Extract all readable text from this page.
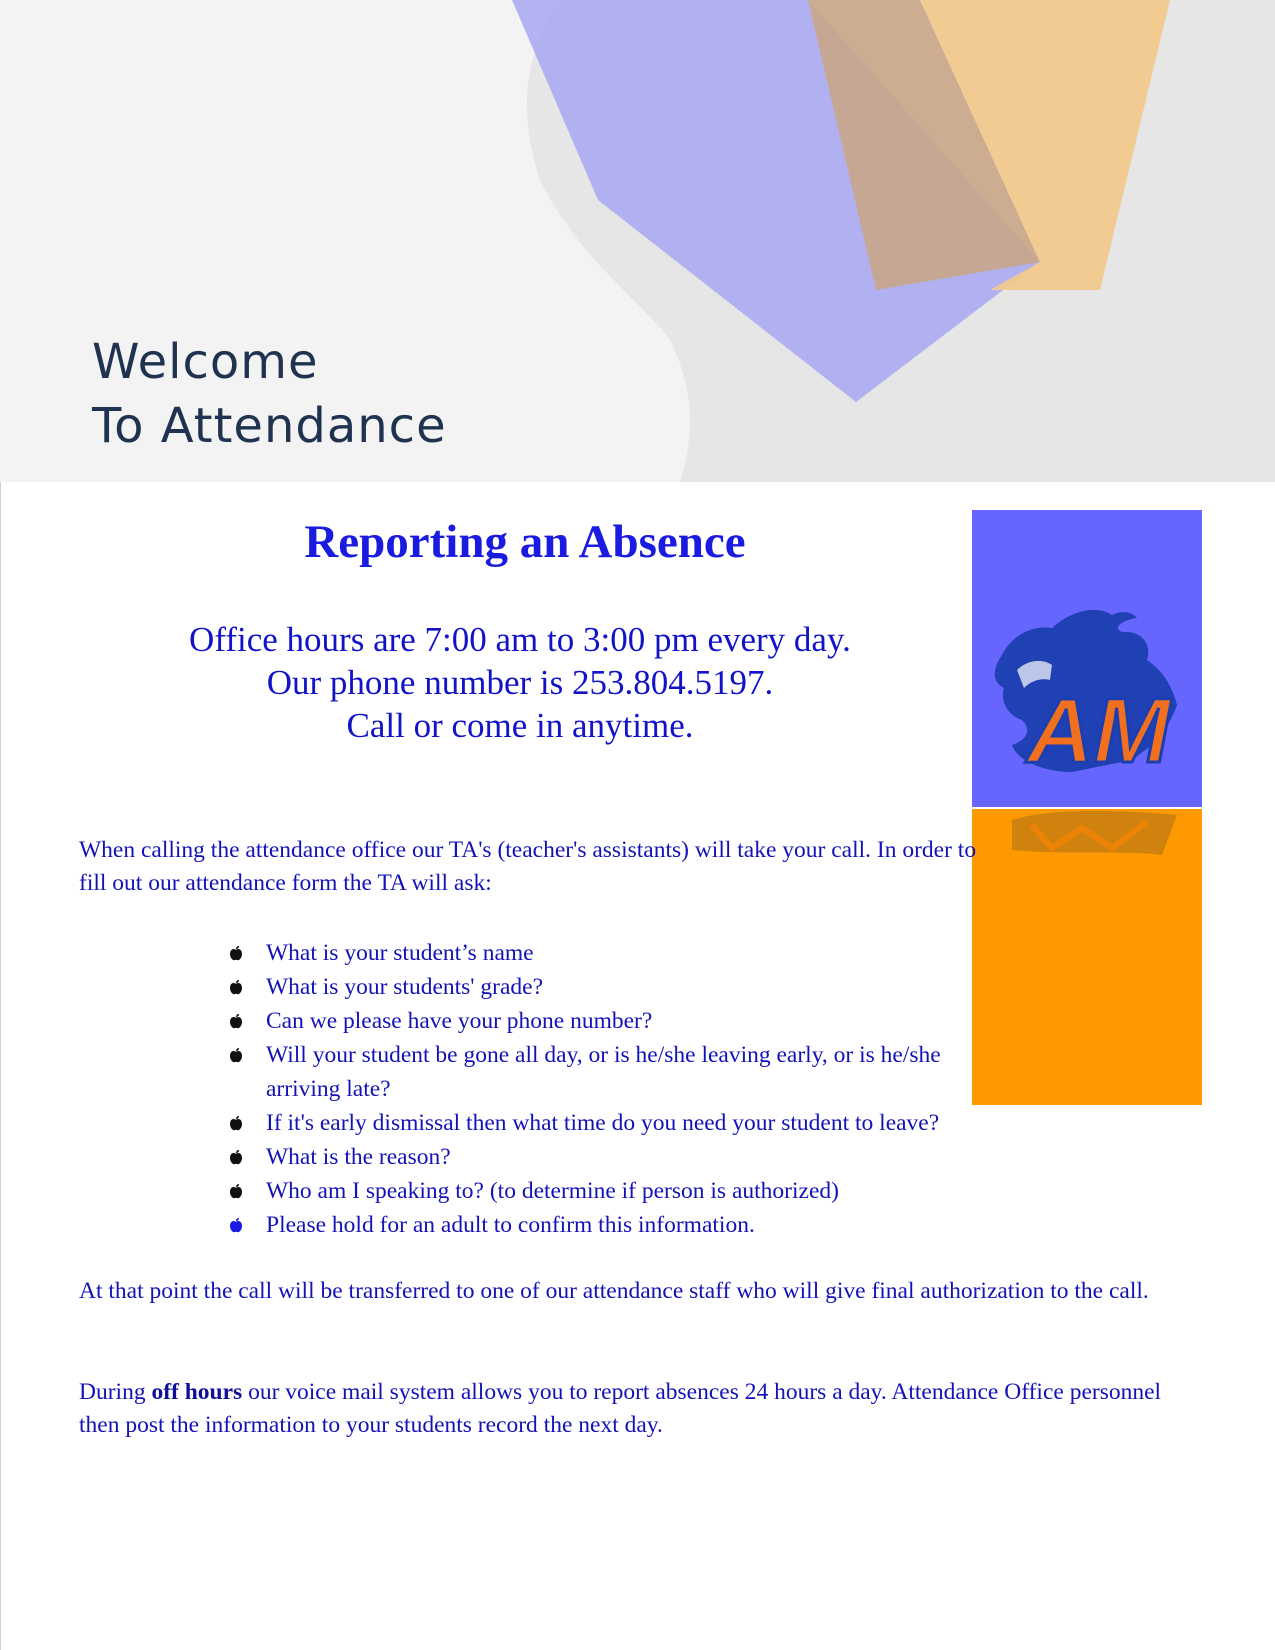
Welcome
To Attendance
AM
Reporting an Absence
Office hours are 7:00 am to 3:00 pm every day.
Our phone number is 253.804.5197.
Call or come in anytime.
When calling the attendance office our TA's (teacher's assistants) will take your call. In order to fill out our attendance form the TA will ask:
What is your student’s name
What is your students' grade?
Can we please have your phone number?
Will your student be gone all day, or is he/she leaving early, or is he/she arriving late?
If it's early dismissal then what time do you need your student to leave?
What is the reason?
Who am I speaking to? (to determine if person is authorized)
Please hold for an adult to confirm this information.
At that point the call will be transferred to one of our attendance staff who will give final authorization to the call.
During off hours our voice mail system allows you to report absences 24 hours a day. Attendance Office personnel then post the information to your students record the next day.
